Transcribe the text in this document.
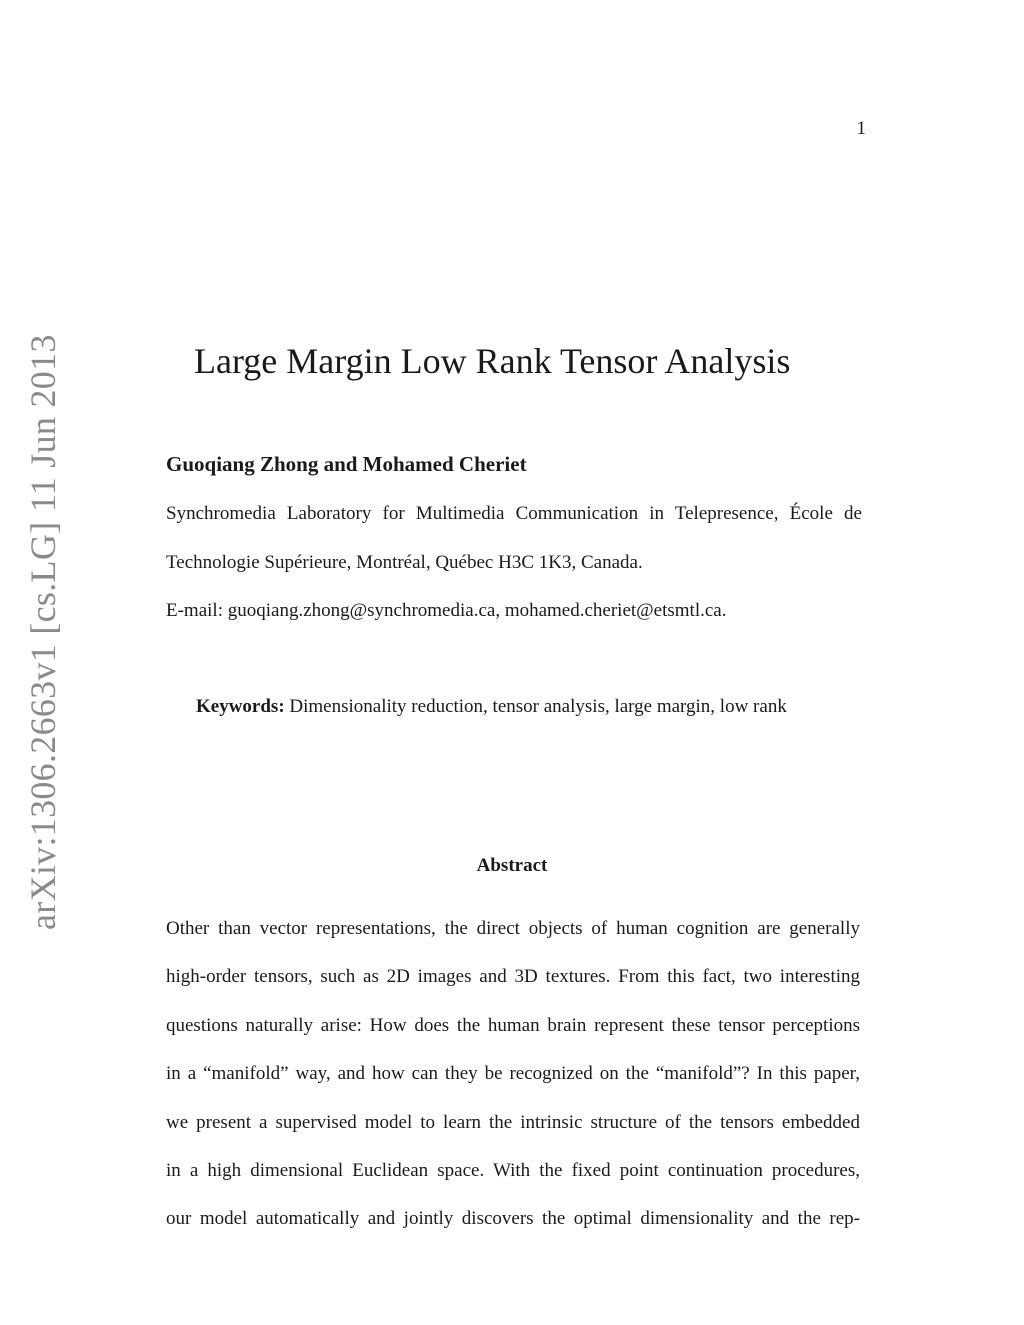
1
arXiv:1306.2663v1 [cs.LG] 11 Jun 2013	Large Margin Low Rank Tensor Analysis

Guoqiang Zhong and Mohamed Cheriet

Synchromedia Laboratory for Multimedia Communication in Telepresence, École de

Technologie Supérieure, Montréal, Québec H3C 1K3, Canada.

E-mail: guoqiang.zhong@synchromedia.ca, mohamed.cheriet@etsmtl.ca.

Keywords: Dimensionality reduction, tensor analysis, large margin, low rank

Abstract
Other than vector representations, the direct objects of human cognition are generally
high-order tensors, such as 2D images and 3D textures. From this fact, two interesting
questions naturally arise: How does the human brain represent these tensor perceptions
in a “manifold” way, and how can they be recognized on the “manifold”? In this paper,
we present a supervised model to learn the intrinsic structure of the tensors embedded
in a high dimensional Euclidean space. With the fixed point continuation procedures,
our model automatically and jointly discovers the optimal dimensionality and the rep-
